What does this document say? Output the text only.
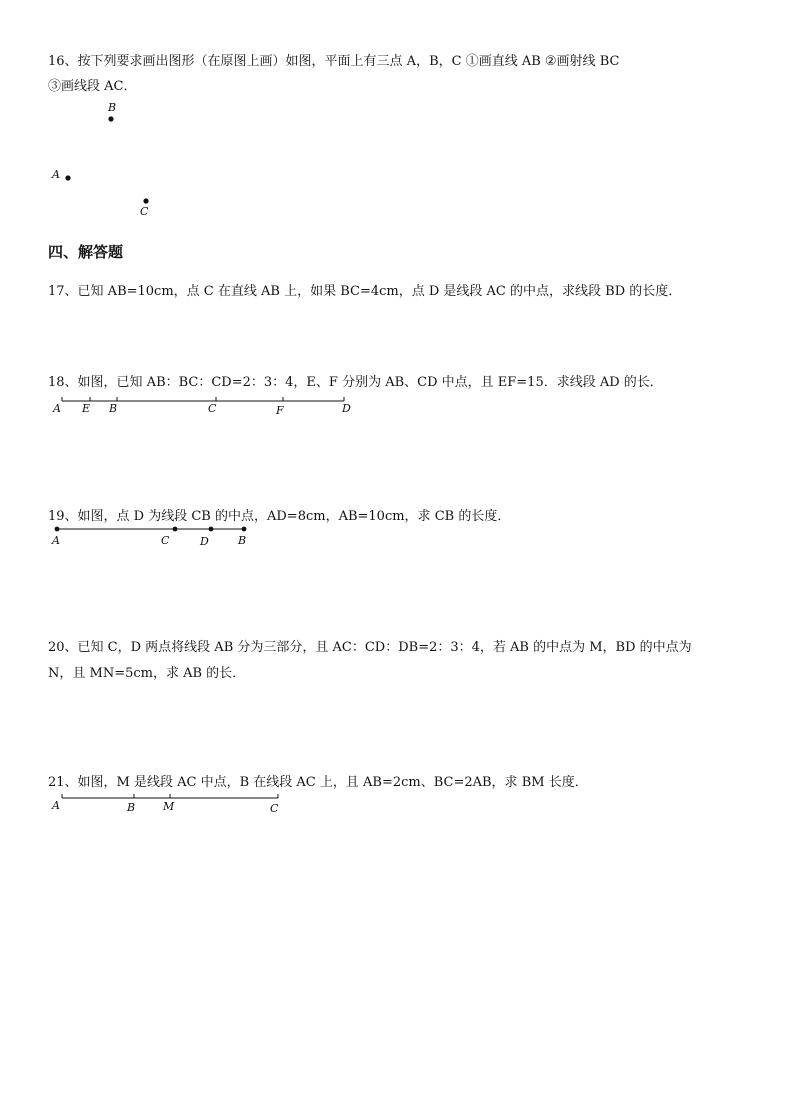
16、按下列要求画出图形（在原图上画）如图，平面上有三点 A，B，C ①画直线 AB ②画射线 BC
③画线段 AC．
B
A
C
四、解答题
17、已知 AB=10cm，点 C 在直线 AB 上，如果 BC=4cm，点 D 是线段 AC 的中点，求线段 BD 的长度．
18、如图，已知 AB：BC：CD=2：3：4，E、F 分别为 AB、CD 中点，且 EF=15．求线段 AD 的长．
A E B	C	F	D
19、如图，点 D 为线段 CB 的中点，AD=8cm，AB=10cm，求 CB 的长度．
A	C	D	B
20、已知 C，D 两点将线段 AB 分为三部分，且 AC：CD：DB=2：3：4，若 AB 的中点为 M，BD 的中点为
N，且 MN=5cm，求 AB 的长．
21、如图，M 是线段 AC 中点，B 在线段 AC 上，且 AB=2cm、BC=2AB，求 BM 长度．
A	B	M	C
